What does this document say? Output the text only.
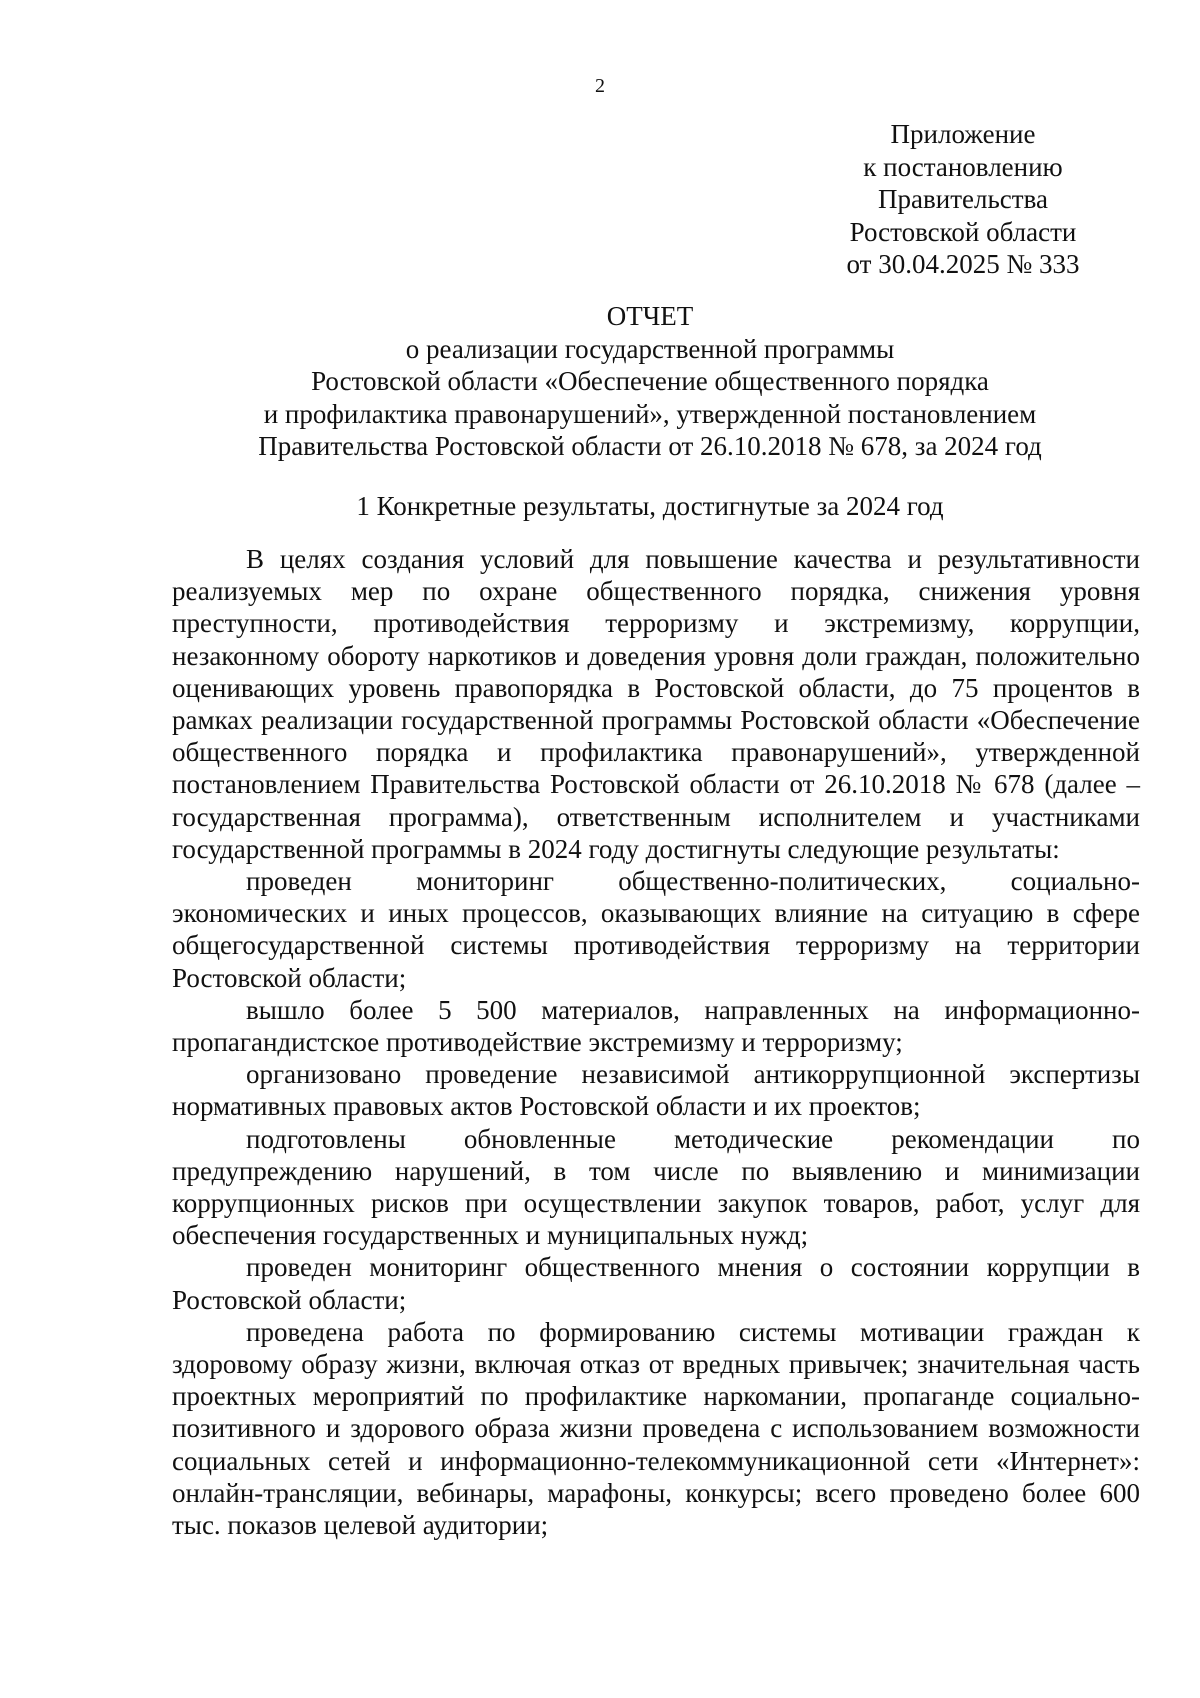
2
Приложение
к постановлению
Правительства
Ростовской области
от 30.04.2025 № 333
ОТЧЕТ
о реализации государственной программы
Ростовской области «Обеспечение общественного порядка
и профилактика правонарушений», утвержденной постановлением
Правительства Ростовской области от 26.10.2018 № 678, за 2024 год
1 Конкретные результаты, достигнутые за 2024 год

В целях создания условий для повышение качества и результативности реализуемых мер по охране общественного порядка, снижения уровня преступности, противодействия терроризму и экстремизму, коррупции, незаконному обороту наркотиков и доведения уровня доли граждан, положительно оценивающих уровень правопорядка в Ростовской области, до 75 процентов в рамках реализации государственной программы Ростовской области «Обеспечение общественного порядка и профилактика правонарушений», утвержденной постановлением Правительства Ростовской области от 26.10.2018 № 678 (далее – государственная программа), ответственным исполнителем и участниками государственной программы в 2024 году достигнуты следующие результаты:

проведен мониторинг общественно-политических, социально-экономических и иных процессов, оказывающих влияние на ситуацию в сфере общегосударственной системы противодействия терроризму на территории Ростовской области;

вышло более 5 500 материалов, направленных на информационно-пропагандистское противодействие экстремизму и терроризму;

организовано проведение независимой антикоррупционной экспертизы нормативных правовых актов Ростовской области и их проектов;

подготовлены обновленные методические рекомендации по предупреждению нарушений, в том числе по выявлению и минимизации коррупционных рисков при осуществлении закупок товаров, работ, услуг для обеспечения государственных и муниципальных нужд;

проведен мониторинг общественного мнения о состоянии коррупции в Ростовской области;

проведена работа по формированию системы мотивации граждан к здоровому образу жизни, включая отказ от вредных привычек; значительная часть проектных мероприятий по профилактике наркомании, пропаганде социально-позитивного и здорового образа жизни проведена с использованием возможности социальных сетей и информационно-телекоммуникационной сети «Интернет»: онлайн-трансляции, вебинары, марафоны, конкурсы; всего проведено более 600 тыс. показов целевой аудитории;
